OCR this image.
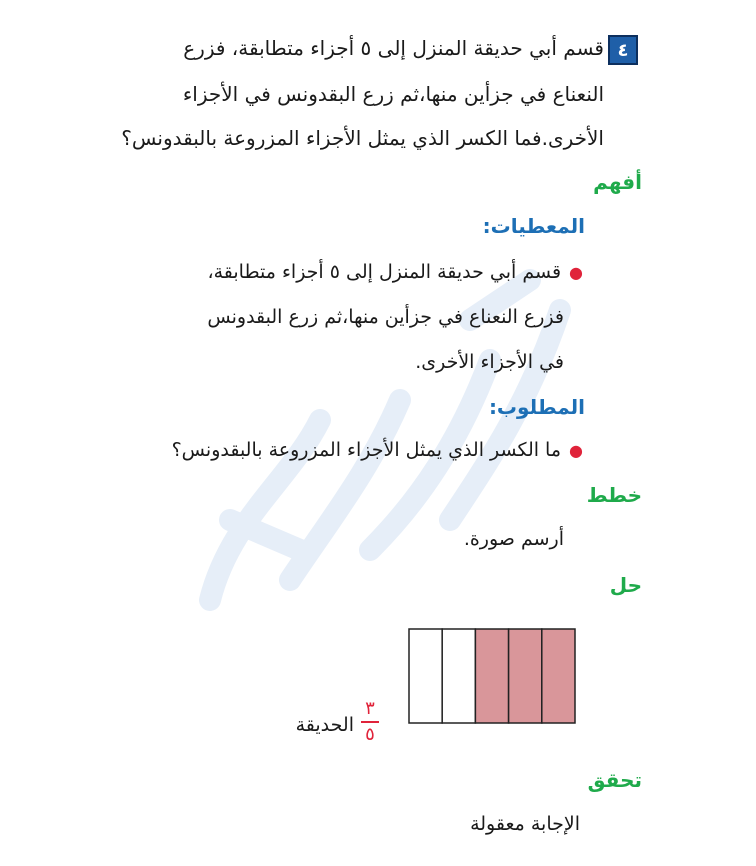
٤
قسم أبي حديقة المنزل إلى ٥ أجزاء متطابقة، فزرع
النعناع في جزأين منها،ثم زرع البقدونس في الأجزاء
الأخرى.فما الكسر الذي يمثل الأجزاء المزروعة بالبقدونس؟
أفهم
المعطيات:
●
قسم أبي حديقة المنزل إلى ٥ أجزاء متطابقة،
فزرع النعناع في جزأين منها،ثم زرع البقدونس
في الأجزاء الأخرى.
المطلوب:
●
ما الكسر الذي يمثل الأجزاء المزروعة بالبقدونس؟
خطط
أرسم صورة.
حل
الحديقة
٣
٥
تحقق
الإجابة معقولة
